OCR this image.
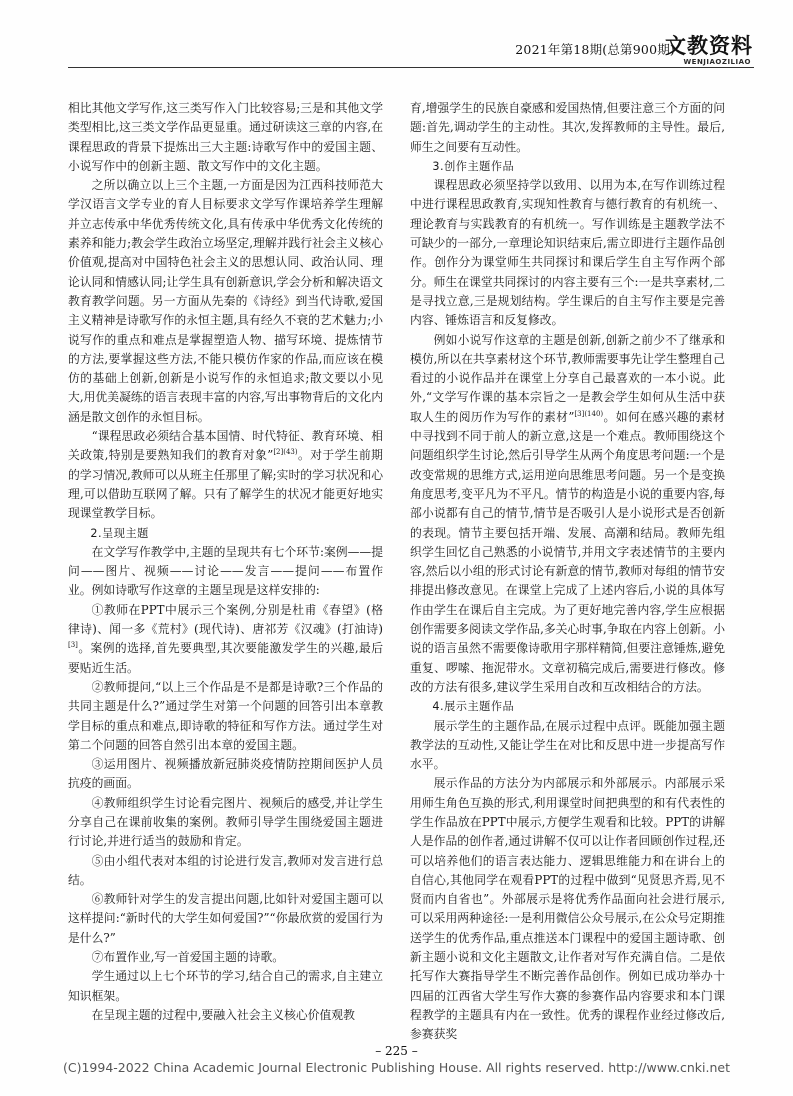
2021年第18期(总第900期)
文教资料
WENJIAOZILIAO

相比其他文学写作,这三类写作入门比较容易;三是和其他文学类型相比,这三类文学作品更显重。通过研读这三章的内容,在课程思政的背景下提炼出三大主题:诗歌写作中的爱国主题、小说写作中的创新主题、散文写作中的文化主题。

之所以确立以上三个主题,一方面是因为江西科技师范大学汉语言文学专业的育人目标要求文学写作课培养学生理解并立志传承中华优秀传统文化,具有传承中华优秀文化传统的素养和能力;教会学生政治立场坚定,理解并践行社会主义核心价值观,提高对中国特色社会主义的思想认同、政治认同、理论认同和情感认同;让学生具有创新意识,学会分析和解决语文教育教学问题。另一方面从先秦的《诗经》到当代诗歌,爱国主义精神是诗歌写作的永恒主题,具有经久不衰的艺术魅力;小说写作的重点和难点是掌握塑造人物、描写环境、提炼情节的方法,要掌握这些方法,不能只模仿作家的作品,而应该在模仿的基础上创新,创新是小说写作的永恒追求;散文要以小见大,用优美凝练的语言表现丰富的内容,写出事物背后的文化内涵是散文创作的永恒目标。

“课程思政必须结合基本国情、时代特征、教育环境、相关政策,特别是要熟知我们的教育对象”$^{[2](43)}$。对于学生前期的学习情况,教师可以从班主任那里了解;实时的学习状况和心理,可以借助互联网了解。只有了解学生的状况才能更好地实现课堂教学目标。

2.呈现主题

在文学写作教学中,主题的呈现共有七个环节:案例——提问——图片、视频——讨论——发言——提问——布置作业。例如诗歌写作这章的主题呈现是这样安排的:

①教师在PPT中展示三个案例,分别是杜甫《春望》(格律诗)、闻一多《荒村》(现代诗)、唐祁芳《汉魂》(打油诗)[3]。案例的选择,首先要典型,其次要能激发学生的兴趣,最后要贴近生活。

②教师提问,“以上三个作品是不是都是诗歌?三个作品的共同主题是什么?”通过学生对第一个问题的回答引出本章教学目标的重点和难点,即诗歌的特征和写作方法。通过学生对第二个问题的回答自然引出本章的爱国主题。

③运用图片、视频播放新冠肺炎疫情防控期间医护人员抗疫的画面。

④教师组织学生讨论看完图片、视频后的感受,并让学生分享自己在课前收集的案例。教师引导学生围绕爱国主题进行讨论,并进行适当的鼓励和肯定。

⑤由小组代表对本组的讨论进行发言,教师对发言进行总结。

⑥教师针对学生的发言提出问题,比如针对爱国主题可以这样提问:“新时代的大学生如何爱国?”“你最欣赏的爱国行为是什么?”

⑦布置作业,写一首爱国主题的诗歌。

学生通过以上七个环节的学习,结合自己的需求,自主建立知识框架。

在呈现主题的过程中,要融入社会主义核心价值观教

育,增强学生的民族自豪感和爱国热情,但要注意三个方面的问题:首先,调动学生的主动性。其次,发挥教师的主导性。最后,师生之间要有互动性。

3.创作主题作品

课程思政必须坚持学以致用、以用为本,在写作训练过程中进行课程思政教育,实现知性教育与德行教育的有机统一、理论教育与实践教育的有机统一。写作训练是主题教学法不可缺少的一部分,一章理论知识结束后,需立即进行主题作品创作。创作分为课堂师生共同探讨和课后学生自主写作两个部分。师生在课堂共同探讨的内容主要有三个:一是共享素材,二是寻找立意,三是规划结构。学生课后的自主写作主要是完善内容、锤炼语言和反复修改。

例如小说写作这章的主题是创新,创新之前少不了继承和模仿,所以在共享素材这个环节,教师需要事先让学生整理自己看过的小说作品并在课堂上分享自己最喜欢的一本小说。此外,“文学写作课的基本宗旨之一是教会学生如何从生活中获取人生的阅历作为写作的素材”$^{[3](140)}$。如何在感兴趣的素材中寻找到不同于前人的新立意,这是一个难点。教师围绕这个问题组织学生讨论,然后引导学生从两个角度思考问题:一个是改变常规的思维方式,运用逆向思维思考问题。另一个是变换角度思考,变平凡为不平凡。情节的构造是小说的重要内容,每部小说都有自己的情节,情节是否吸引人是小说形式是否创新的表现。情节主要包括开端、发展、高潮和结局。教师先组织学生回忆自己熟悉的小说情节,并用文字表述情节的主要内容,然后以小组的形式讨论有新意的情节,教师对每组的情节安排提出修改意见。在课堂上完成了上述内容后,小说的具体写作由学生在课后自主完成。为了更好地完善内容,学生应根据创作需要多阅读文学作品,多关心时事,争取在内容上创新。小说的语言虽然不需要像诗歌用字那样精简,但要注意锤炼,避免重复、啰嗦、拖泥带水。文章初稿完成后,需要进行修改。修改的方法有很多,建议学生采用自改和互改相结合的方法。

4.展示主题作品

展示学生的主题作品,在展示过程中点评。既能加强主题教学法的互动性,又能让学生在对比和反思中进一步提高写作水平。

展示作品的方法分为内部展示和外部展示。内部展示采用师生角色互换的形式,利用课堂时间把典型的和有代表性的学生作品放在PPT中展示,方便学生观看和比较。PPT的讲解人是作品的创作者,通过讲解不仅可以让作者回顾创作过程,还可以培养他们的语言表达能力、逻辑思维能力和在讲台上的自信心,其他同学在观看PPT的过程中做到“见贤思齐焉,见不贤而内自省也”。外部展示是将优秀作品面向社会进行展示,可以采用两种途径:一是利用微信公众号展示,在公众号定期推送学生的优秀作品,重点推送本门课程中的爱国主题诗歌、创新主题小说和文化主题散文,让作者对写作充满自信。二是依托写作大赛指导学生不断完善作品创作。例如已成功举办十四届的江西省大学生写作大赛的参赛作品内容要求和本门课程教学的主题具有内在一致性。优秀的课程作业经过修改后,参赛获奖

– 225 –
(C)1994-2022 China Academic Journal Electronic Publishing House. All rights reserved. http://www.cnki.net
